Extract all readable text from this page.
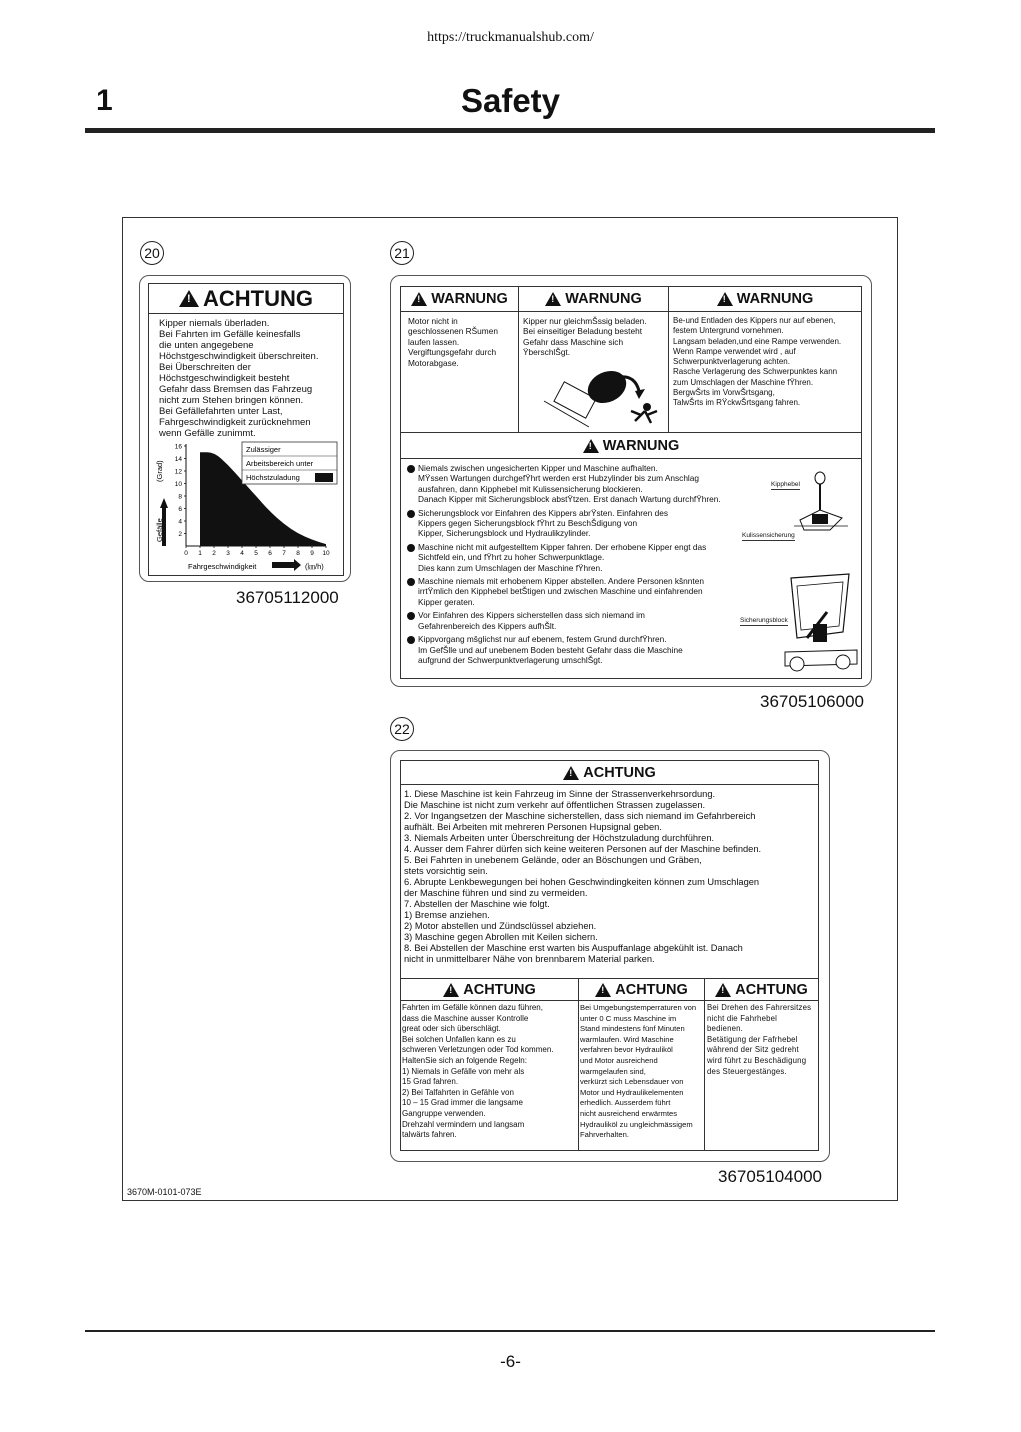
https://truckmanualshub.com/
1	Safety
20
!
ACHTUNG
Kipper niemals überladen.
Bei Fahrten im Gefälle keinesfalls
die unten angegebene
Höchstgeschwindigkeit überschreiten.
Bei Überschreiten der
Höchstgeschwindigkeit besteht
Gefahr dass Bremsen das Fahrzeug
nicht zum Stehen bringen können.
Bei Gefällefahrten unter Last,
Fahrgeschwindigkeit zurücknehmen
wenn Gefälle zunimmt.
16
14
12
10
8
6
4
2
0 1 2 3 4 5 6 7 8 9 10
Gefälle
(Grad)
Fahrgeschwindigkeit	(㎞/h)
Zulässiger
Arbeitsbereich unter
Höchstzuladung
36705112000
21
!
WARNUNG
Motor nicht in
geschlossenen RŠumen
laufen lassen.
Vergiftungsgefahr durch
Motorabgase.
!
WARNUNG
Kipper nur gleichmŠssig beladen.
Bei einseitiger Beladung besteht
Gefahr dass Maschine sich
ŸberschlŠgt.
!
WARNUNG
Be-und Entladen des Kippers nur auf ebenen,
festem Untergrund vornehmen.
Langsam beladen,und eine Rampe verwenden.
Wenn Rampe verwendet wird , auf
Schwerpunktverlagerung achten.
Rasche Verlagerung des Schwerpunktes kann
zum Umschlagen der Maschine fŸhren.
BergwŠrts im VorwŠrtsgang,
TalwŠrts im RŸckwŠrtsgang fahren.
!
WARNUNG
Niemals zwischen ungesicherten Kipper und Maschine aufhalten.
MŸssen Wartungen durchgefŸhrt werden erst Hubzylinder bis zum Anschlag
ausfahren, dann Kipphebel mit Kulissensicherung blockieren.
Danach Kipper mit Sicherungsblock abstŸtzen. Erst danach Wartung durchfŸhren.
Sicherungsblock vor Einfahren des Kippers abrŸsten. Einfahren des
Kippers gegen Sicherungsblock fŸhrt zu BeschŠdigung von
Kipper, Sicherungsblock und Hydraulikzylinder.
Maschine nicht mit aufgestelltem Kipper fahren. Der erhobene Kipper engt das
Sichtfeld ein, und fŸhrt zu hoher Schwerpunktlage.
Dies kann zum Umschlagen der Maschine fŸhren.
Maschine niemals mit erhobenem Kipper abstellen. Andere Personen kšnnten
irrtŸmlich den Kipphebel betŠtigen und zwischen Maschine und einfahrenden
Kipper geraten.
Vor Einfahren des Kippers sicherstellen dass sich niemand im
Gefahrenbereich des Kippers aufhŠlt.
Kippvorgang mšglichst nur auf ebenem, festem Grund durchfŸhren.
Im GefŠlle und auf unebenem Boden besteht Gefahr dass die Maschine
aufgrund der Schwerpunktverlagerung umschlŠgt.
Kipphebel
Kulissensicherung
Sicherungsblock
36705106000
22
!
ACHTUNG
1. Diese Maschine ist kein Fahrzeug im Sinne der Strassenverkehrsordung.
Die Maschine ist nicht zum verkehr auf öffentlichen Strassen zugelassen.
2. Vor Ingangsetzen der Maschine sicherstellen, dass sich niemand im Gefahrbereich
aufhält. Bei Arbeiten mit mehreren Personen Hupsignal geben.
3. Niemals Arbeiten unter Überschreitung der Höchstzuladung durchführen.
4. Ausser dem Fahrer dürfen sich keine weiteren Personen auf der Maschine befinden.
5. Bei Fahrten in unebenem Gelände, oder an Böschungen und Gräben,
stets vorsichtig sein.
6. Abrupte Lenkbewegungen bei hohen Geschwindingkeiten können zum Umschlagen
der Maschine führen und sind zu vermeiden.
7. Abstellen der Maschine wie folgt.
1) Bremse anziehen.
2) Motor abstellen und Zündsclüssel abziehen.
3) Maschine gegen Abrollen mit Keilen sichern.
8. Bei Abstellen der Maschine erst warten bis Auspuffanlage abgekühlt ist. Danach
nicht in unmittelbarer Nähe von brennbarem Material parken.
!
ACHTUNG
Fahrten im Gefälle können dazu führen,
dass die Maschine ausser Kontrolle
great oder sich überschlägt.
Bei solchen Unfallen kann es zu
schweren Verletzungen oder Tod kommen.
HaltenSie sich an folgende Regeln:
1) Niemals in Gefälle von mehr als
15 Grad fahren.
2) Bei Talfahrten in Gefähle von
10 – 15 Grad immer die langsame
Gangruppe verwenden.
Drehzahl vermindern und langsam
talwärts fahren.
!
ACHTUNG
Bei Umgebungstemperraturen von
unter 0 C muss Maschine im
Stand mindestens fünf Minuten
warmlaufen. Wird Maschine
verfahren bevor Hydrauliköl
und Motor ausreichend
warmgelaufen sind,
verkürzt sich Lebensdauer von
Motor und Hydraulikelementen
erhedlich. Ausserdem führt
nicht ausreichend erwärmtes
Hydrauliköl zu ungleichmässigem
Fahrverhalten.
!
ACHTUNG
Bei Drehen des Fahrersitzes
nicht die Fahrhebel
bedienen.
Betätigung der Fafrhebel
während der Sitz gedreht
wird führt zu Beschädigung
des Steuergestänges.
36705104000
3670M-0101-073E
-6-
